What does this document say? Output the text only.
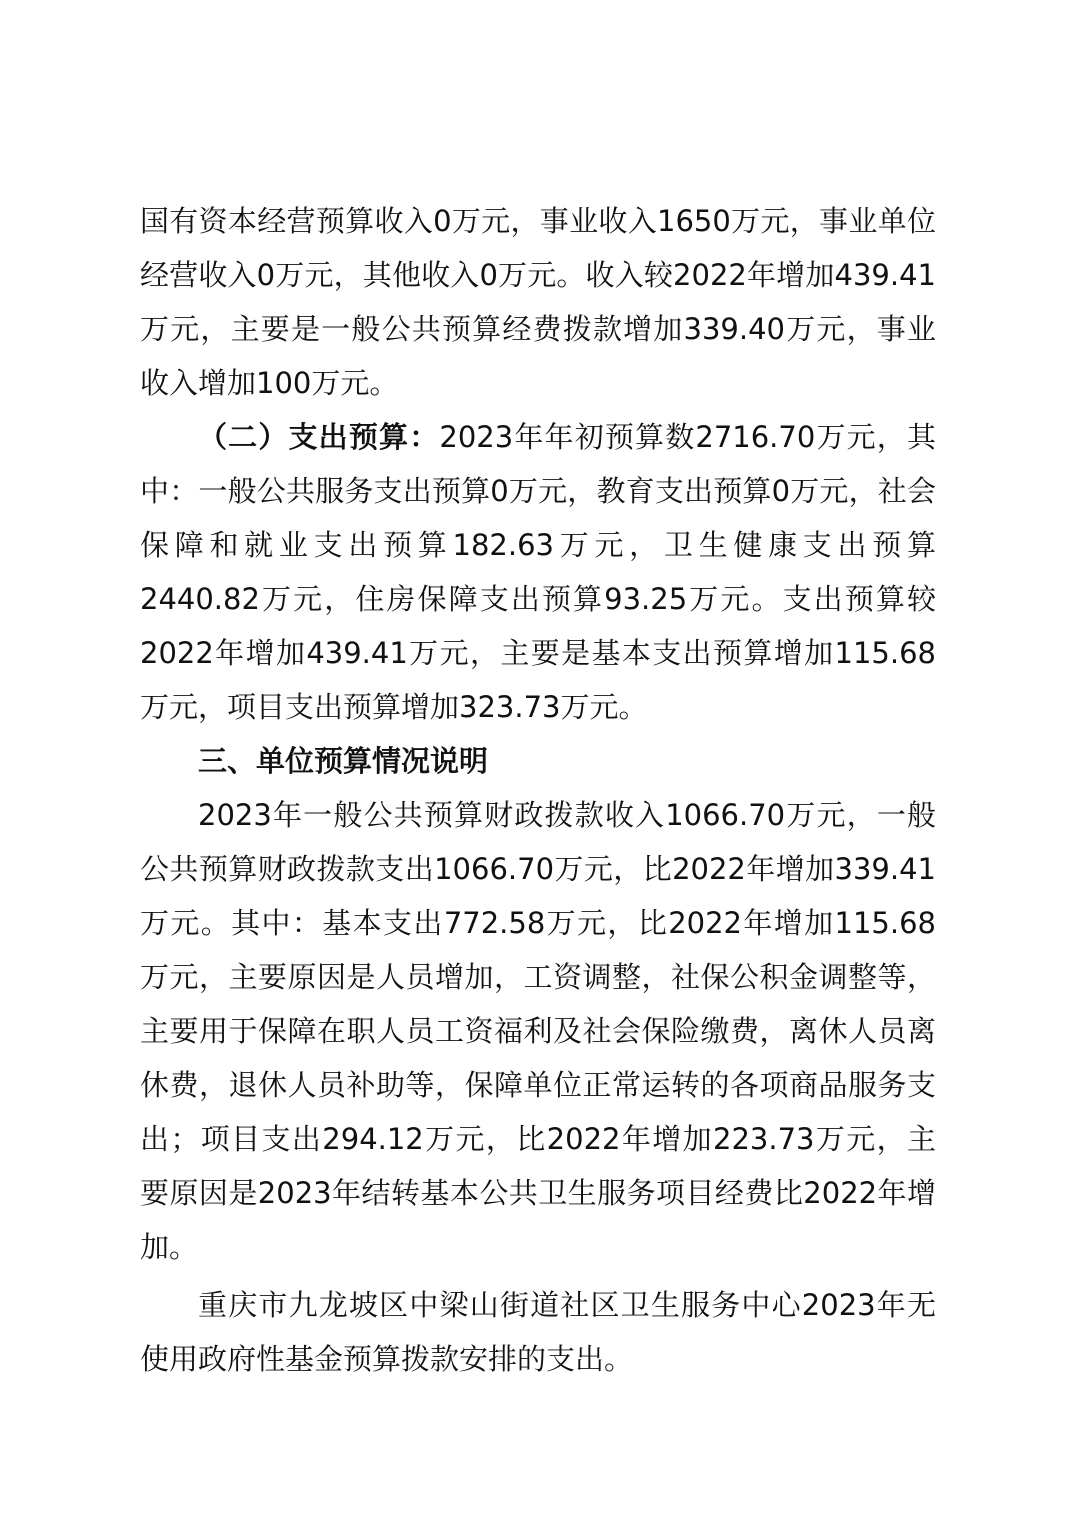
国有资本经营预算收入0万元，事业收入1650万元，事业单位经营收入0万元，其他收入0万元。收入较2022年增加439.41万元，主要是一般公共预算经费拨款增加339.40万元，事业收入增加100万元。

（二）支出预算：2023年年初预算数2716.70万元，其中：一般公共服务支出预算0万元，教育支出预算0万元，社会保障和就业支出预算182.63万元，卫生健康支出预算2440.82万元，住房保障支出预算93.25万元。支出预算较2022年增加439.41万元，主要是基本支出预算增加115.68万元，项目支出预算增加323.73万元。

三、单位预算情况说明

2023年一般公共预算财政拨款收入1066.70万元，一般公共预算财政拨款支出1066.70万元，比2022年增加339.41万元。其中：基本支出772.58万元，比2022年增加115.68万元，主要原因是人员增加，工资调整，社保公积金调整等，主要用于保障在职人员工资福利及社会保险缴费，离休人员离休费，退休人员补助等，保障单位正常运转的各项商品服务支出；项目支出294.12万元，比2022年增加223.73万元，主要原因是2023年结转基本公共卫生服务项目经费比2022年增加。

重庆市九龙坡区中梁山街道社区卫生服务中心2023年无使用政府性基金预算拨款安排的支出。
